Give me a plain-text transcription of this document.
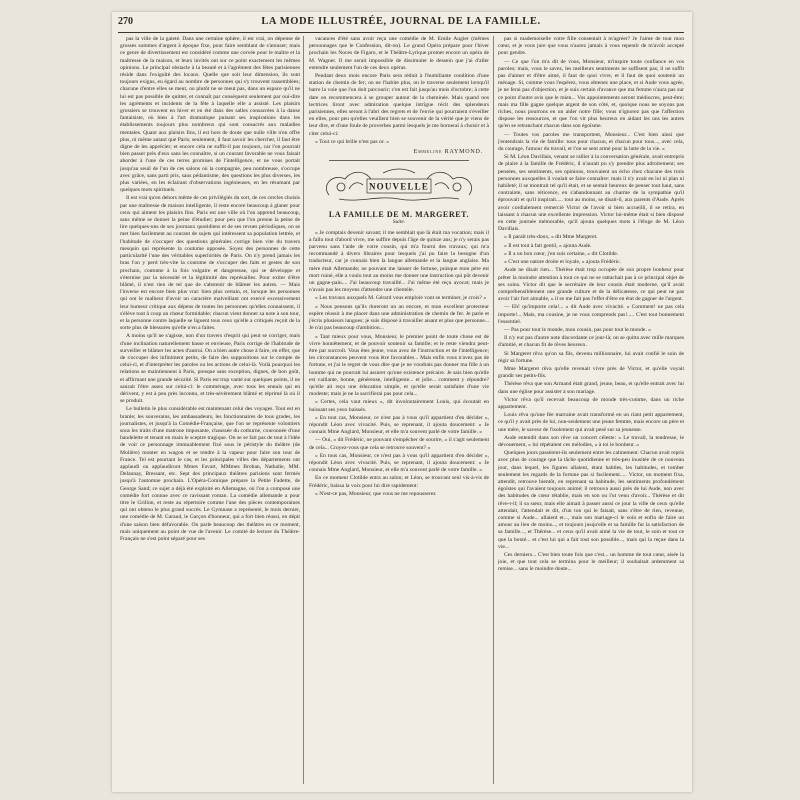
270	LA MODE ILLUSTRÉE, JOURNAL DE LA FAMILLE.

pas la ville de la gaieté. Dans une certaine sphère, il est vrai, on dépense de grosses sommes d'argent à époque fixe, pour faire semblant de s'amuser; mais ce genre de divertissement est considéré comme une corvée pour le maître et la maîtresse de la maison, et leurs invités ont sur ce point exactement les mêmes opinions. Le principal obstacle à la beauté et à l'agrément des fêtes parisiennes réside dans l'exiguïté des locaux. Quelle que soit leur dimension, ils sont toujours exigus, eu égard au nombre de personnes qui s'y trouvent rassemblées; chacune d'entre elles se meut, ou plutôt ne se meut pas, dans un espace qu'il ne lui est pas possible de quitter, et connaît par conséquent seulement par ouï-dire les agréments et incidents de la fête à laquelle elle a assisté. Les plaisirs grossiers se trouvent en hiver et en été dans des salles consacrées à la danse fantaisiste, où bien à l'art dramatique puisant ses inspirations dans les établissements toujours plus nombreux qui sont consacrés aux maladies mentales. Quant aux plaisirs fins, il est hors de doute que nulle ville n'en offre plus, ni même autant que Paris; seulement, il faut savoir les chercher, il faut être digne de les apprécier; et encore cela ne suffit-il pas toujours, car l'on pourrait bien passer près d'eux sans les connaître, si un courant favorable ne vous faisait aborder à l'une de ces terres promises de l'intelligence, et ne vous portait jusqu'au seuil de l'un de ces salons où la compagnie, peu nombreuse, s'occupe avec grâce, sans parti pris, sans pédantisme, des questions les plus diverses, les plus variées, en les éclairant d'observations ingénieuses, en les résumant par quelques mots spirituels.

Il est vrai qu'en dehors même de ces privilégiés du sort, de ces cercles choisis par une maîtresse de maison intelligente, il reste encore beaucoup à glaner pour ceux qui aiment les plaisirs fins. Paris est une ville où l'on apprend beaucoup, sans même se donner la peine d'étudier; pour peu que l'on prenne la peine de lire quelques-uns de ses journaux quotidiens et de ses revues périodiques, on se met bien facilement au courant de sujets qui intéressent sa population lettrée, et l'habitude de s'occuper des questions générales corrige bien vite du travers mesquin qui représente la coutume opposée. Soyez des personnes de cette particularité l'une des véritables superiorités de Paris. On n'y prend jamais les bras l'on y perd très-vite la coutume de s'occuper des faits et gestes de son prochain, coutume à la fois vulgaire et dangereuse, qui se développe et s'éternise par la nécessité et la légitimité des représailles. Pour exiter d'être blâmé, il n'est rien de tel que de s'abstenir de blâmer les autres. — Mais l'inverse est encore bien plus vrai: bien plus certain, et, lorsque les personnes qui ont le malheur d'avoir un caractère malveillant ont exercé excessivement leur humeur critique aux dépens de toutes les personnes qu'elles connaissent, il s'élève tout à coup un chœur formidable; chacun vient donner sa note à son tour, et la personne contre laquelle se liguent tous ceux qu'elle a critiqués reçoit de la sorte plus de blessures qu'elle n'en a faites.

A moins qu'il ne s'agisse, non d'un travers d'esprit qui peut se corriger, mais d'une inclination naturellement basse et envieuse, Paris corrige de l'habitude de surveiller et blâmer les actes d'autrui. On a bien autre chose à faire, en effet, que de s'occuper des infiniment petits, de faire des suppositions sur le compte de celui-ci, et d'interpréter les paroles ou les actions de celui-là. Voilà pourquoi les relations se maintiennent à Paris, presque sans exception, dignes, de bon goût, et affirmant une grande sécurité. Si Paris est trop vanté sur quelques points, il ne saurait l'être assez sur celui-ci: le commérage, avec tous les ennuis qui en dérivent, y est à peu près inconnu, et très-sévèrement blâmé et réprimé là où il se produit.

Le bulletin le plus considérable est maintenant celui des voyages. Tout est en branle; les souverains, les ambassadeurs, les fonctionnaires de tous grades, les journalistes, et jusqu'à la Comédie-Française, que l'on se représente volontiers sous les traits d'une matrone imposante, chaussée du cothurne, couronnée d'une bandelette et tenant en main le sceptre tragique. On se se fait pas de tout à l'idée de voir ce personnage immuablement fixé sous le péristyle du théâtre (de Molière) monter en wagon et se rendre à la vapeur pour faire son tour de France. Tel est pourtant le cas, et les principales villes des départements ont applaudi ou applaudiront Mmes Favart, MMmes Broban, Nathalie, MM. Delaunay, Bressant, etc. Sept des principaux théâtres parisiens sont fermés jusqu'à l'automne prochain. L'Opéra-Comique prépare la Petite Fadette, de George Sand; ce sujet a déjà été exploité en Allemagne, où l'on a composé une comédie fort connue avec ce ravissant roman. La comédie allemande a pour titre le Grillon, et reste au répertoire comme l'une des pièces contemporaines qui ont obtenu le plus grand succès. Le Gymnase a représenté, le mois dernier, une comédie de M. Garaud, le Garçon d'honneur, qui a fort bien réussi, en dépit d'une saison bien défavorable. On parle beaucoup des théâtres en ce moment, mais uniquement au point de vue de l'avenir. Le comité de lecture du Théâtre-Français ne s'est point séparé pour ses

vacances d'été sans avoir reçu une comédie de M. Emile Augier (mêmes personnages que le Confession, dit-on). Le grand Opéra prépare pour l'hiver prochain les Noces de Figaro, et le Théâtre-Lyrique promet encore un opéra de M. Wagner. Il me serait impossible de dissimuler le dessein que j'ai d'aller entendre seulement l'un de ces deux opéras.

Pendant deux mois encore Paris sera réduit à l'humiliante condition d'une station de chemin de fer; on ne l'habite plus, on le traverse seulement lorsqu'il barre la voie que l'on doit parcourir; c'en est fait jusqu'au mois d'octobre; à cette date on recommencera à se grouper autour de la cheminée. Mais quand nos lectrices liront avec admiration quelque intrigue récit des splendeurs parisiennes, elles seront à l'abri des regrets et de l'envie qui pourraient s'éveiller en elles, pour peu qu'elles veuillent bien se souvenir de la vérité que je viens de leur dire, et d'une foule de proverbes parmi lesquels je me bornerai à choisir et à citer celui-ci:

« Tout ce qui brille n'est pas or. »

Emmeline RAYMOND.
NOUVELLE
LA FAMILLE DE M. MARGERET.
Suite.

« Je comptais devenir savant; il me semblait que là était ma vocation; mais il a fallu tout d'abord vivre, me suffire depuis l'âge de quinze ans; je n'y serais pas parvenu sans l'aide de votre cousin, qui m'a fourni des travaux; qui m'a recommandé à divers libraires pour lesquels j'ai pu faire la besogne d'un traducteur, car je connais bien la langue allemande et la langue anglaise. Ma mère était Allemande; ne pouvant me laisser de fortune, puisque mon père est mort ruiné, elle a voulu tout au moins me donner une instruction qui pût devenir un gagne-pain.... J'ai beaucoup travaillé... J'ai même été reçu avocat; mais je n'avais pas les moyens d'attendre une clientèle.

« Les travaux auxquels M. Gérard vous emploie vont se terminer, je crois? »

« Nous pensons qu'ils dureront un an encore, et mon excellent protecteur espère réussir à me placer dans une administration de chemin de fer. Je parle et j'écris plusieurs langues; je suis disposé à travailler aisant et plus que personne... Je n'ai pas beaucoup d'ambition...

« Tant mieux pour vous, Monsieur, le premier point de toute chose est de vivre honnêtement, et de pouvoir soutenir sa famille; et le reste viendra peut-être par surcroît. Vous êtes jeune, vous avez de l'instruction et de l'intelligence; les circonstances peuvent vous être favorables... Mais enfin vous n'avez pas de fortune, et j'ai le regret de vous dire que je ne voudrais pas donner ma fille à un homme qui ne pourrait lui assurer qu'une existence précaire. Je sais bien qu'elle est vaillante, bonne, généreuse, intelligente... et jolie... comment y répondre? qu'elle ait reçu une éducation simple, et qu'elle serait satisfaite d'une vie modeste; mais je ne la sacrifierai pas pour cela...

« Certes, cela vaut mieux », dit involontairement Louis, qui écoutait en baissant ses yeux baissés.

« En tout cas, Monsieur, ce n'est pas à vous qu'il appartient d'en décider », répondit Léon avec vivacité. Puis, se reprenant, il ajouta doucement: « Je connais Mme Anglard, Monsieur, et elle m'a souvent parlé de votre famille. »

— Oui, » dit Frédéric, ne pouvant s'empêcher de sourire, « il s'agit seulement de cela... Croyez-vous que cela se retrouve souvent? »

« En tous cas, Monsieur, ce n'est pas à vous qu'il appartient d'en décider », répondit Léon avec vivacité. Puis, se reprenant, il ajouta doucement: « Je connais Mme Anglard, Monsieur, et elle m'a souvent parlé de votre famille. »

En ce moment Clotilde entra au salon; et Léon, se trouvant seul vis-à-vis de Frédéric, baissa la voix pour lui dire rapidement:

« N'est-ce pas, Monsieur, que vous ne me repousserez

pas si mademoiselle votre fille consentait à m'agréer? Je l'aime de tout mon cœur, et je vous jure que vous n'aurez jamais à vous repentir de m'avoir accepté pour gendre.

— Ce que l'on m'a dit de vous, Monsieur, m'inspire toute confiance en vos paroles; mais, vous le savez, les meilleurs sentiments ne suffisent pas; il ne suffit pas d'aimer et d'être aimé, il faut de quoi vivre, et il faut de quoi soutenir un ménage. Si, comme vous l'espérez, vous obtenez une place, et si Aude vous agrée, je ne ferai pas d'objection, et je suis certain d'avance que ma femme n'aura pas sur ce point d'autre avis que le mien... Vos appointements seront médiocres, peut-être; mais ma fille gagne quelque argent de son côté, et, quoique nous ne soyons pas riches, nous pourrons en un aider notre fille; vous n'ignorez pas que l'affection dispose les ressources, et que l'on vit plus heureux en aidant les uns les autres qu'en se retranchant chacun dans son égoïsme.

— Toutes vos paroles me transportent, Monsieur... C'est bien ainsi que j'entendrais la vie de famille: tous pour chacun, et chacun pour tous..., avec cela, du courage, l'amour du travail, et l'on se sent armé pour la lutte de la vie. »

Si M. Léon Davillais, venant se rallier à la conversation générale, avait entrepris de plaire à la famille de Frédéric, il n'aurait pu s'y prendre plus adroitement; ses pensées, ses sentiments, ses opinions, trouvaient un écho chez chacune des trois personnes auxquelles il voulait se faire connaître: mais il n'y avait en lui ni plan ni habileté; il se montrait tel qu'il était, et se sentait heureux de penser tout haut, sans contrainte, sans réticence, en s'abandonnant au charme de la sympathie qu'il éprouvait et qu'il inspirait..... tout au moins, se disait-il, aux parents d'Aude. Après avoir cordialement remercié Victor de l'avoir si bien accueilli, il se retira, en laissant à chacun une excellente impression. Victor lui-même était si bien disposé en cette journée mémorable, qu'il ajouta quelques mots à l'éloge de M. Léon Davillais.

« Il paraît très-doux, » dit Mme Margeret.

« Il est tout à fait gentil, » ajouta Aude.

« Il a un bon cœur, j'en suis certaine, » dit Clotilde.

« C'est une nature droite et loyale, » ajouta Frédéric.

Aude ne disait rien... Thérèse était trop occupée de son propre bonheur pour prêter la moindre attention à tout ce qui ne se rattachait pas à ce principal objet de ses soins. Victor dit que le secrétaire de leur cousin était moderne, qu'il avait compréhensiblement une grande culture et de la délicatesse, ce qui peut ne pas avoir l'air fort aimable, « il se me fait pas l'effet d'être en état de gagner de l'argent.

— Eh! qu'importe cela!... » dit Aude avec vivacité. « Comment! ne pas cela importe!... Mais, ma cousine, je ne vous comprends pas!..... C'est tout bonnement l'essentiel.

— Pas pour tout le monde, mon cousin, pas pour tout le monde. »

Il n'y eut pas d'autre note discordante ce jour-là; on se quitta avec mille marques d'amitié, et chacun fit de rêves heureux.

Si Margeret rêva qu'on sa fils, devenu millionnaire, lui avait confié le soin de régir sa fortune.

Mme Margeret rêva qu'elle revenait vivre près de Victor, et qu'elle voyait grandir ses petits-fils.

Thérèse rêva que son Armand était grand, jeune, beau, et qu'elle entrait avec lui dans une église pour assister à son mariage.

Victor rêva qu'il recevait beaucoup de monde très-comme, dans un riche appartement.

Louis rêva qu'une fée marraine avait transformé en un riant petit appartement, ce qu'il y avait près de lui, non-seulement une jeune femme, mais encore un père et une mère, le saveur de l'isolement qui avait pesé sur sa jeunesse.

Aude entendit dans son rêve un concert céleste: « Le travail, la tendresse, le dévouement, » lui répétaient ces mélodies, « à toi le bonheur. »

Quelques jours passèrent-ils seulement entre les calmement. Chacun avait repris avec plus de courage que la tâche quotidienne et très-peu inusitée de ce nouveau jour, dans lequel, les figures allaient, étant habiles, les habitudes, et tomber seulement les regards de la fortune pas si facilement..... Victor, un moment fixa, attendit, retrouve bientôt, en reprenant sa habitude, les sentiments profondément égoïstes qui l'avaient toujours animé; il retrouva aussi près de lui Aude, non avec des habitudes de cœur rétablie, mais en son ou l'ut venu d'avoir... Thérèse et dit rêve-t-il; il sa sœur, mais elle aimait à passer aussi ce jour la ville de ceux qu'elle attendait, l'attendait et dit, d'un ton qui le faisait, sans s'être de rien, revenue, comme si Aude... allaient et..., mais son mariage-ci le soin et enfin de faire un amour au lieu de moins..., et toujours jusqu'elle et sa famille fut la satisfaction de sa famille..., et Thérèse... et ceux qu'il avait aimé la vie de tout, le soin et tout ce que la bonté... et c'est lui qui a fait tout son possible..., mais qui la reçue dans la vie...

Ces derniers... C'est bien toute fois que c'est... un homme de tout cœur, aisée la joie, et que tout cela se termina pour le meilleur; il souhaitait ardemment sa remise... sans le moindre doute...
